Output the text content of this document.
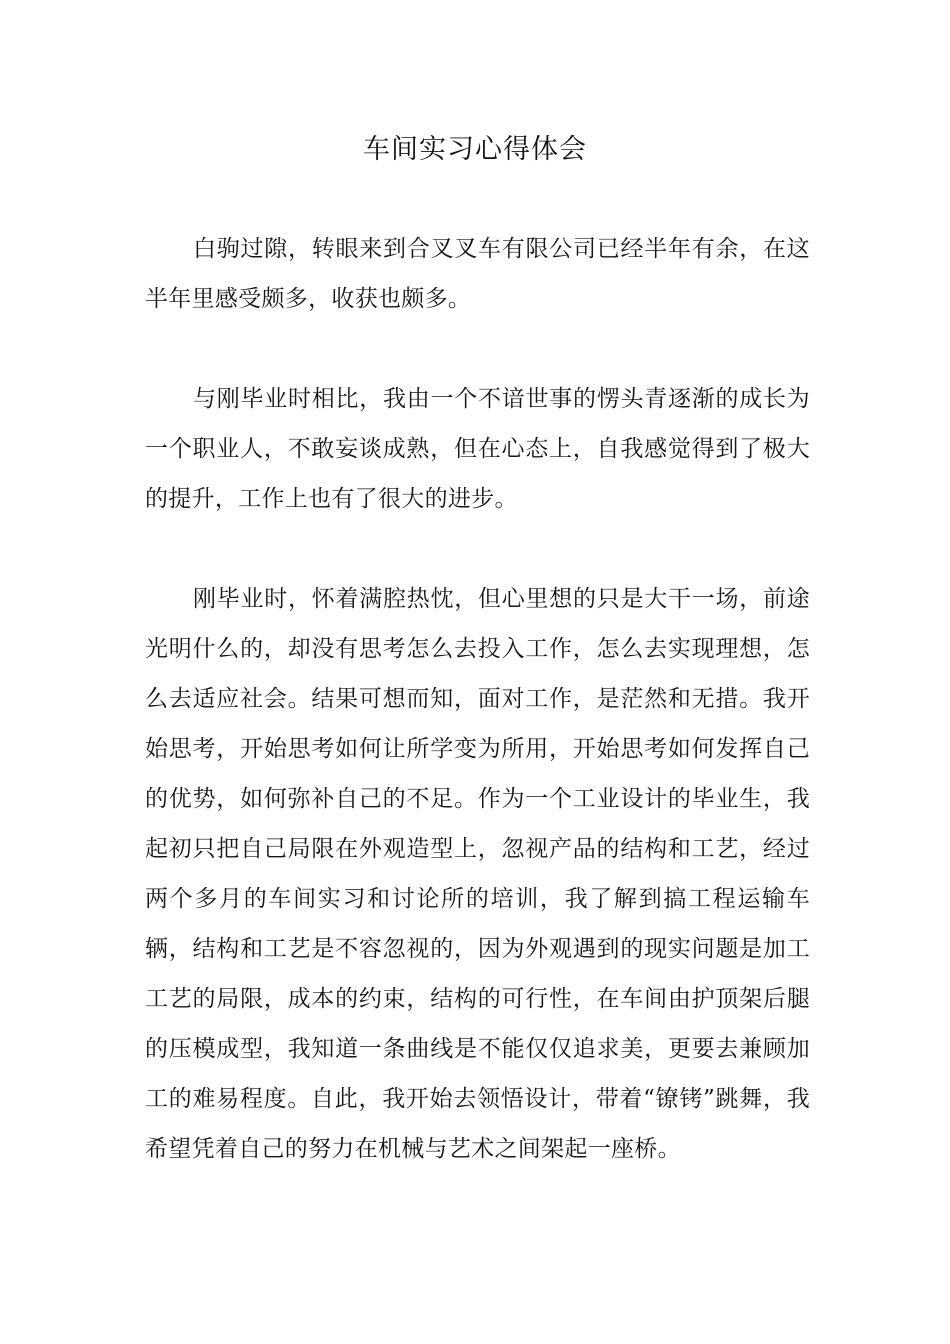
车间实习心得体会

白驹过隙，转眼来到合叉叉车有限公司已经半年有余，在这半年里感受颇多，收获也颇多。

与刚毕业时相比，我由一个不谙世事的愣头青逐渐的成长为一个职业人，不敢妄谈成熟，但在心态上，自我感觉得到了极大的提升，工作上也有了很大的进步。

刚毕业时，怀着满腔热忱，但心里想的只是大干一场，前途光明什么的，却没有思考怎么去投入工作，怎么去实现理想，怎么去适应社会。结果可想而知，面对工作，是茫然和无措。我开始思考，开始思考如何让所学变为所用，开始思考如何发挥自己的优势，如何弥补自己的不足。作为一个工业设计的毕业生，我起初只把自己局限在外观造型上，忽视产品的结构和工艺，经过两个多月的车间实习和讨论所的培训，我了解到搞工程运输车辆，结构和工艺是不容忽视的，因为外观遇到的现实问题是加工工艺的局限，成本的约束，结构的可行性，在车间由护顶架后腿的压模成型，我知道一条曲线是不能仅仅追求美，更要去兼顾加工的难易程度。自此，我开始去领悟设计，带着“镣铐”跳舞，我希望凭着自己的努力在机械与艺术之间架起一座桥。
